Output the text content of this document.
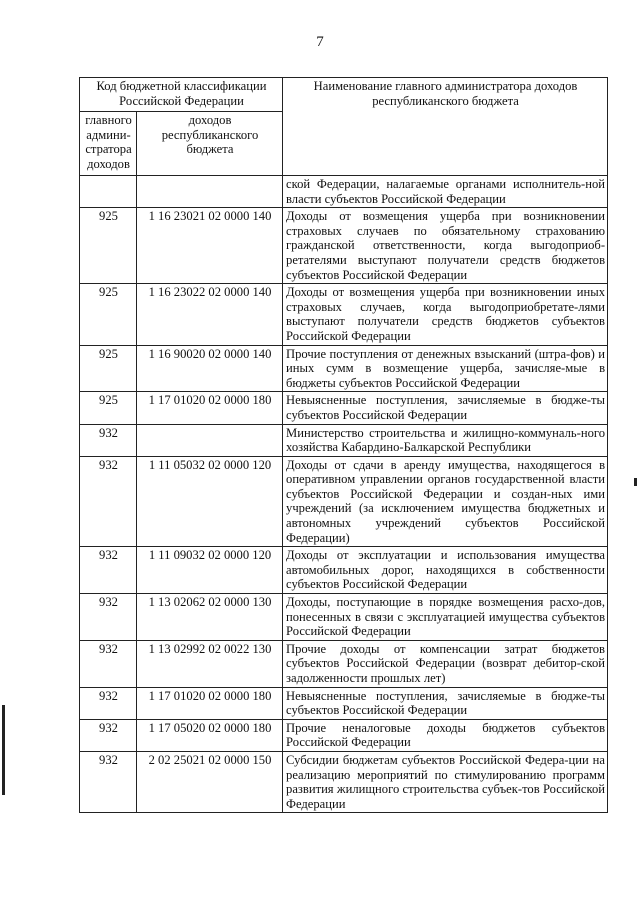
7
Код бюджетной классификации Российской Федерации		Наименование главного администратора доходов республиканского бюджета
главного админи-стратора доходов	доходов республиканского бюджета	
		ской Федерации, налагаемые органами исполнитель-ной власти субъектов Российской Федерации
925	1 16 23021 02 0000 140	Доходы от возмещения ущерба при возникновении страховых случаев по обязательному страхованию гражданской ответственности, когда выгодоприоб-ретателями выступают получатели средств бюджетов субъектов Российской Федерации
925	1 16 23022 02 0000 140	Доходы от возмещения ущерба при возникновении иных страховых случаев, когда выгодоприобретате-лями выступают получатели средств бюджетов субъектов Российской Федерации
925	1 16 90020 02 0000 140	Прочие поступления от денежных взысканий (штра-фов) и иных сумм в возмещение ущерба, зачисляе-мые в бюджеты субъектов Российской Федерации
925	1 17 01020 02 0000 180	Невыясненные поступления, зачисляемые в бюдже-ты субъектов Российской Федерации
932		Министерство строительства и жилищно-коммуналь-ного хозяйства Кабардино-Балкарской Республики
932	1 11 05032 02 0000 120	Доходы от сдачи в аренду имущества, находящегося в оперативном управлении органов государственной власти субъектов Российской Федерации и создан-ных ими учреждений (за исключением имущества бюджетных и автономных учреждений субъектов Российской Федерации)
932	1 11 09032 02 0000 120	Доходы от эксплуатации и использования имущества автомобильных дорог, находящихся в собственности субъектов Российской Федерации
932	1 13 02062 02 0000 130	Доходы, поступающие в порядке возмещения расхо-дов, понесенных в связи с эксплуатацией имущества субъектов Российской Федерации
932	1 13 02992 02 0022 130	Прочие доходы от компенсации затрат бюджетов субъектов Российской Федерации (возврат дебитор-ской задолженности прошлых лет)
932	1 17 01020 02 0000 180	Невыясненные поступления, зачисляемые в бюдже-ты субъектов Российской Федерации
932	1 17 05020 02 0000 180	Прочие неналоговые доходы бюджетов субъектов Российской Федерации
932	2 02 25021 02 0000 150	Субсидии бюджетам субъектов Российской Федера-ции на реализацию мероприятий по стимулированию программ развития жилищного строительства субъек-тов Российской Федерации
